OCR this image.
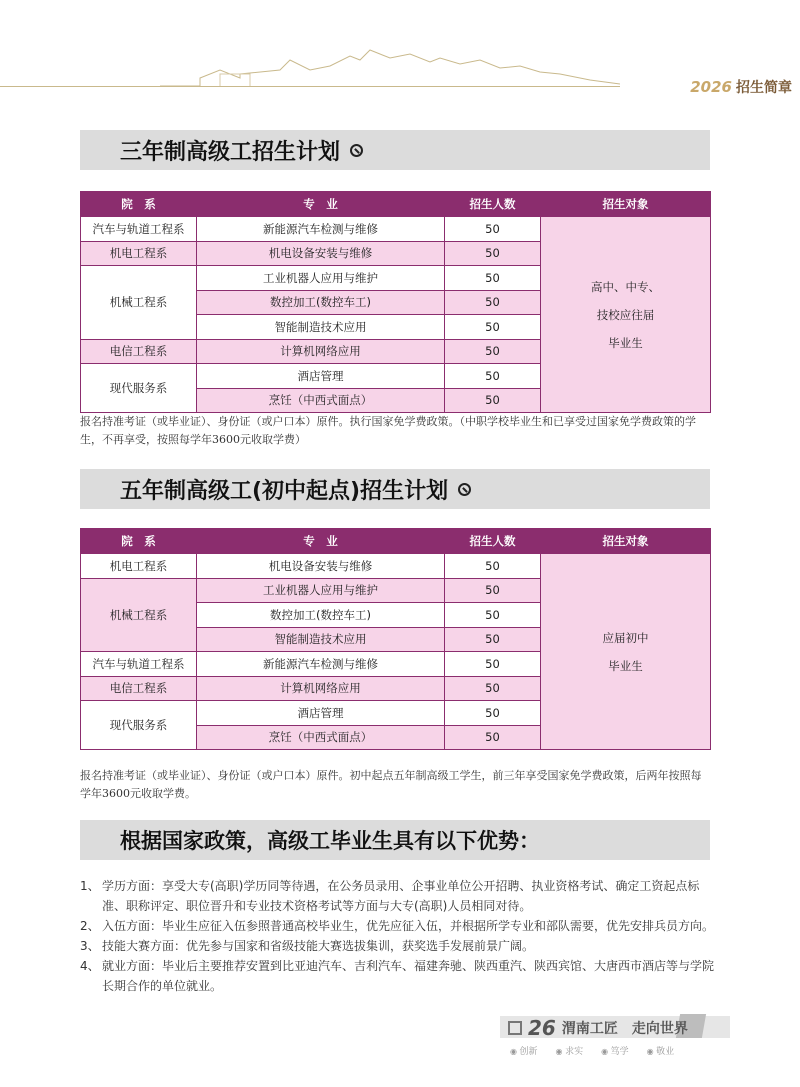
2026 招生简章
三年制高级工招生计划
院　系	专　业	招生人数	招生对象
汽车与轨道工程系	新能源汽车检测与维修	50	高中、中专、
技校应往届
毕业生

机电工程系	机电设备安装与维修	50	
机械工程系	工业机器人应用与维护	50	
	数控加工(数控车工)	50	
	智能制造技术应用	50	
电信工程系	计算机网络应用	50	
现代服务系	酒店管理	50	
	烹饪（中西式面点）	50	
报名持准考证（或毕业证）、身份证（或户口本）原件。执行国家免学费政策。（中职学校毕业生和已享受过国家免学费政策的学生，不再享受，按照每学年3600元收取学费）
五年制高级工(初中起点)招生计划
院　系	专　业	招生人数	招生对象
机电工程系	机电设备安装与维修	50	应届初中
毕业生

机械工程系	工业机器人应用与维护	50	
	数控加工(数控车工)	50	
	智能制造技术应用	50	
汽车与轨道工程系	新能源汽车检测与维修	50	
电信工程系	计算机网络应用	50	
现代服务系	酒店管理	50	
	烹饪（中西式面点）	50	
报名持准考证（或毕业证）、身份证（或户口本）原件。初中起点五年制高级工学生，前三年享受国家免学费政策，后两年按照每学年3600元收取学费。
根据国家政策，高级工毕业生具有以下优势：
1、 学历方面：享受大专(高职)学历同等待遇，在公务员录用、企事业单位公开招聘、执业资格考试、确定工资起点标准、职称评定、职位晋升和专业技术资格考试等方面与大专(高职)人员相同对待。
2、 入伍方面：毕业生应征入伍参照普通高校毕业生，优先应征入伍，并根据所学专业和部队需要，优先安排兵员方向。
3、 技能大赛方面：优先参与国家和省级技能大赛选拔集训，获奖选手发展前景广阔。
4、 就业方面：毕业后主要推荐安置到比亚迪汽车、吉利汽车、福建奔驰、陕西重汽、陕西宾馆、大唐西市酒店等与学院长期合作的单位就业。
26 渭南工匠　走向世界
◉ 创新	◉ 求实	◉ 笃学	◉ 敬业
